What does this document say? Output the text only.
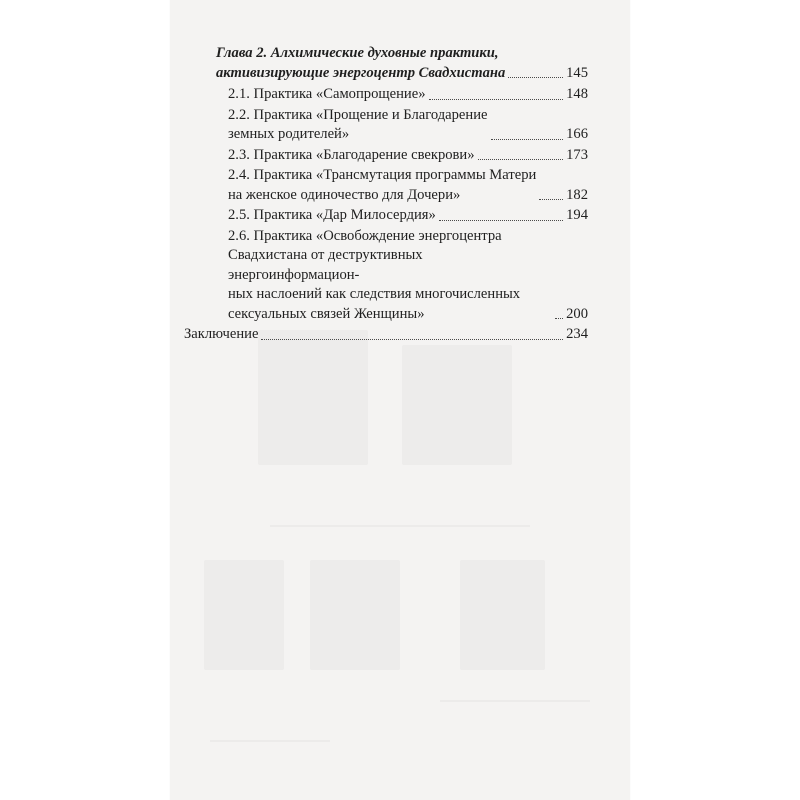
Глава 2. Алхимические духовные практики,
активизирующие энергоцентр Свадхистана	145
2.1. Практика «Самопрощение»	148
2.2. Практика «Прощение и Благодарение
земных родителей»	166
2.3. Практика «Благодарение свекрови»	173
2.4. Практика «Трансмутация программы Матери
на женское одиночество для Дочери»	182
2.5. Практика «Дар Милосердия»	194
2.6. Практика «Освобождение энергоцентра
Свадхистана от деструктивных энергоинформацион-
ных наслоений как следствия многочисленных
сексуальных связей Женщины»	200
Заключение	234
